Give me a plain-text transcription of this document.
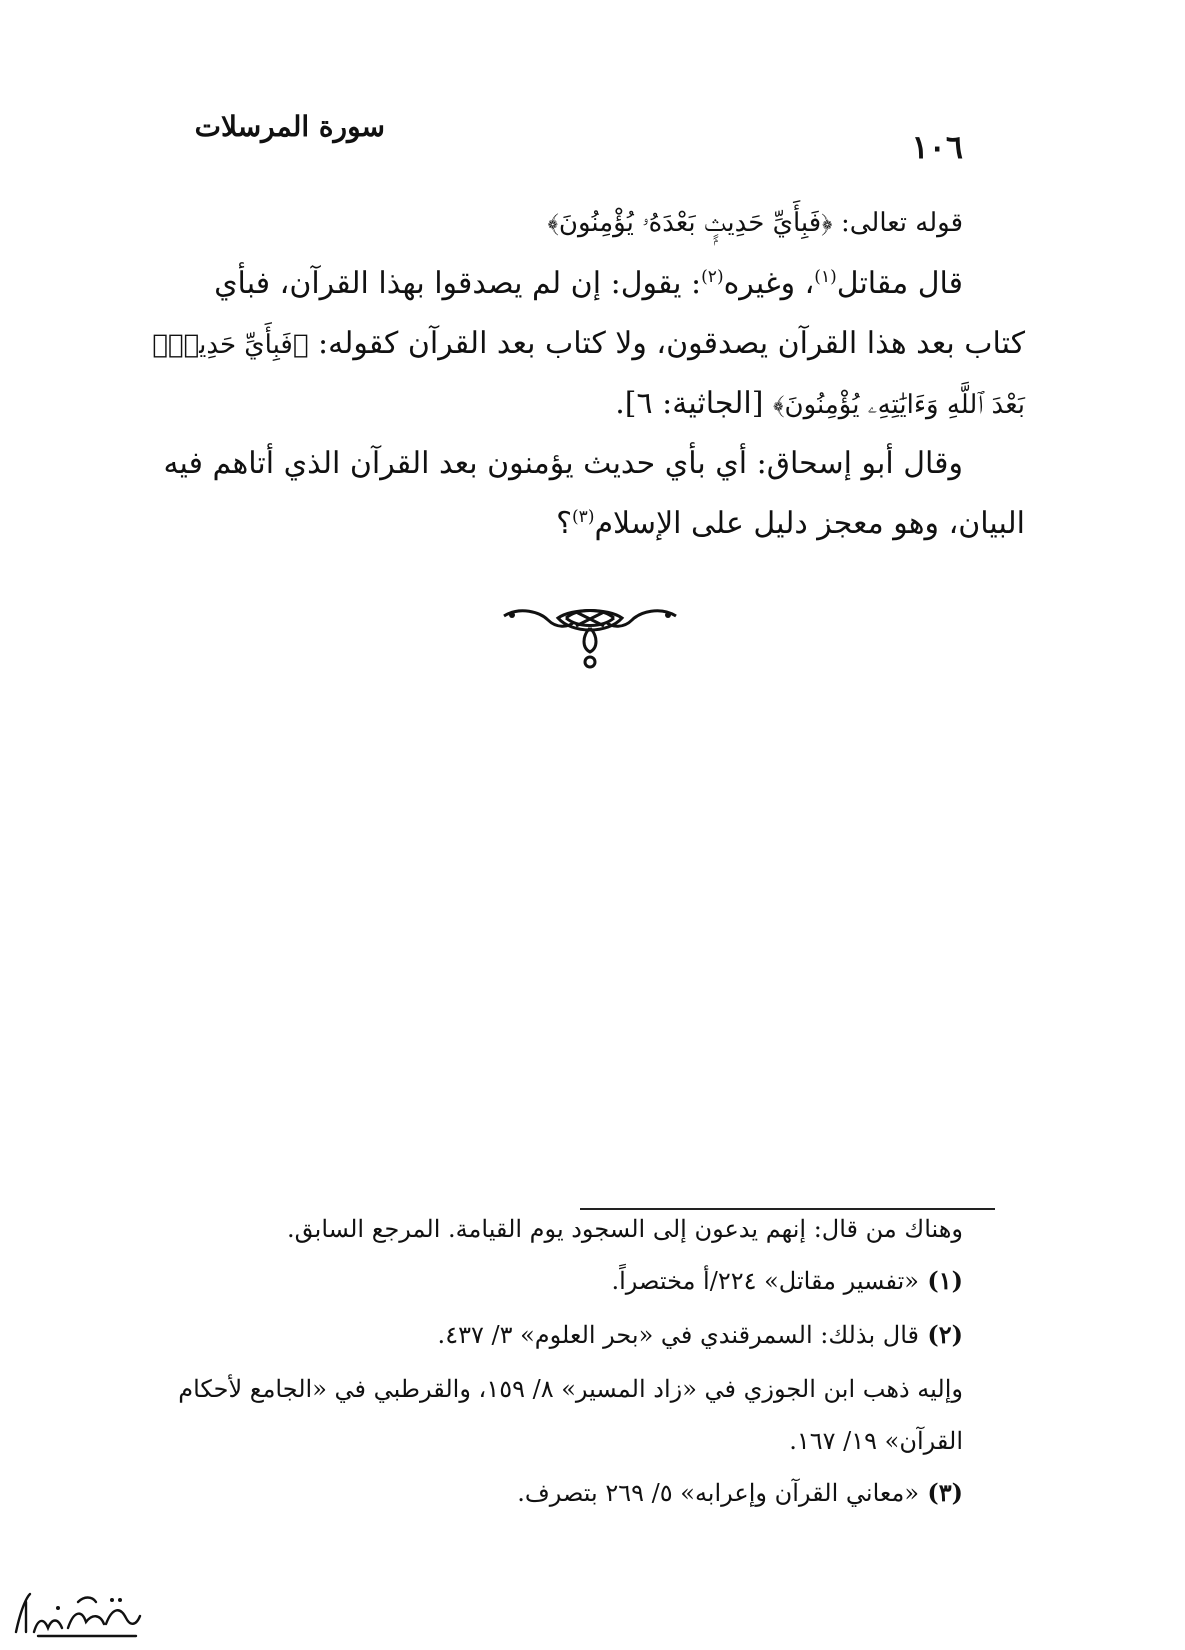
١٠٦
سورة المرسلات
قوله تعالى: ﴿فَبِأَيِّ حَدِيثٍۭ بَعْدَهُۥ يُؤْمِنُونَ﴾
قال مقاتل$^{(١)}$، وغيره$^{(٢)}$: يقول: إن لم يصدقوا بهذا القرآن، فبأي
كتاب بعد هذا القرآن يصدقون، ولا كتاب بعد القرآن كقوله: ﴿فَبِأَيِّ حَدِيثِۭ
بَعْدَ ٱللَّهِ وَءَايَٰتِهِۦ يُؤْمِنُونَ﴾ [الجاثية: ٦].
وقال أبو إسحاق: أي بأي حديث يؤمنون بعد القرآن الذي أتاهم فيه
البيان، وهو معجز دليل على الإسلام$^{(٣)}$؟
وهناك من قال: إنهم يدعون إلى السجود يوم القيامة. المرجع السابق.
(١)«تفسير مقاتل» ٢٢٤/أ مختصراً.
(٢)قال بذلك: السمرقندي في «بحر العلوم» ٣/ ٤٣٧.
وإليه ذهب ابن الجوزي في «زاد المسير» ٨/ ١٥٩، والقرطبي في «الجامع لأحكام
القرآن» ١٩/ ١٦٧.
(٣)«معاني القرآن وإعرابه» ٥/ ٢٦٩ بتصرف.
